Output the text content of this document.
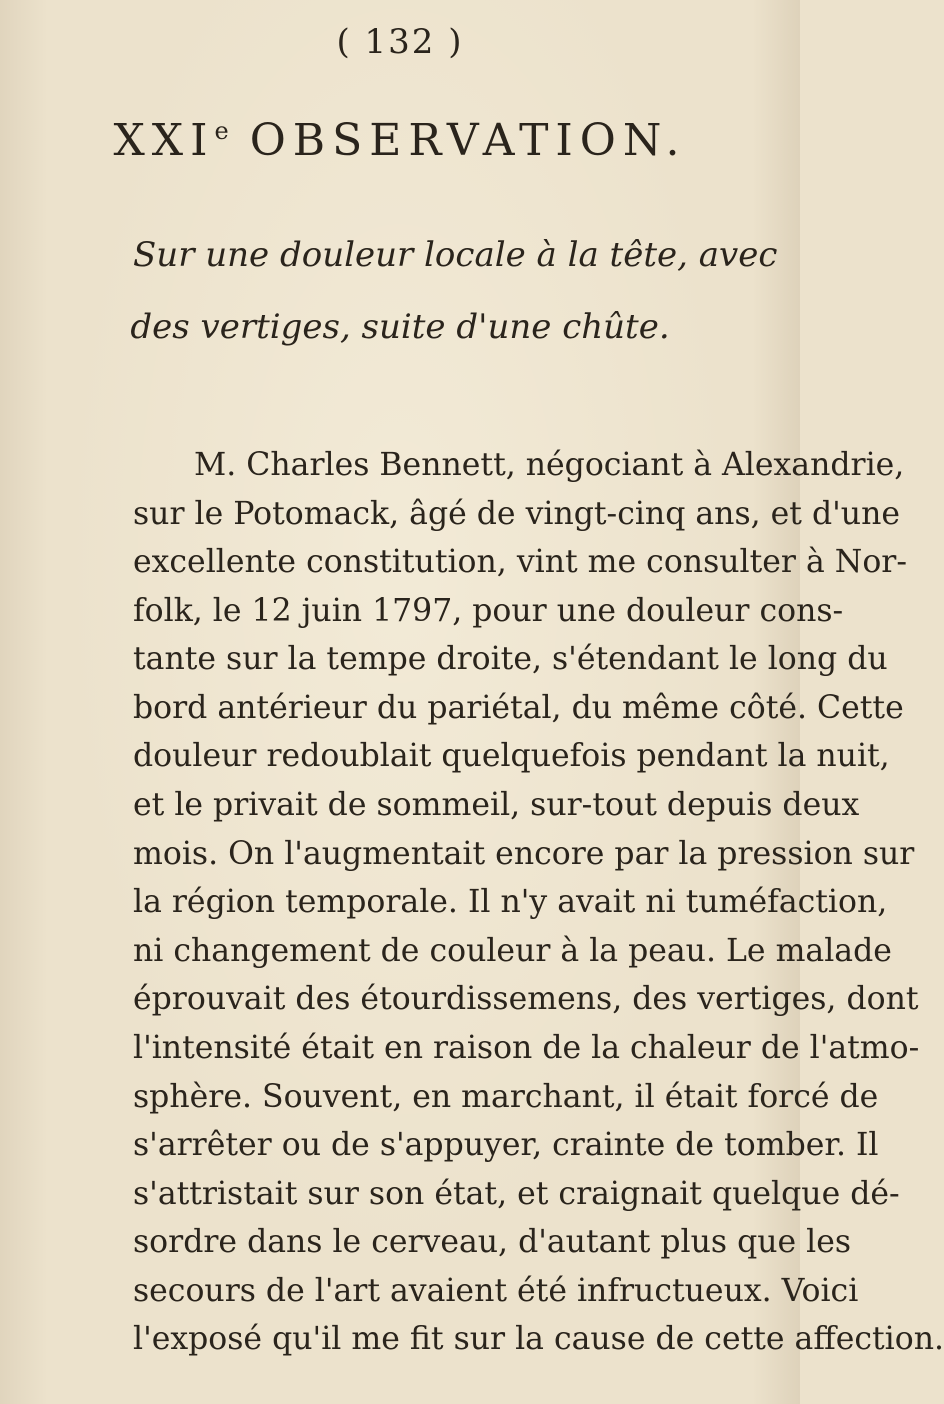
( 132 )
XXIe OBSERVATION.
Sur une douleur locale à la tête, avec
des vertiges, suite d'une chûte.
M. Charles Bennett, négociant à Alexandrie,
sur le Potomack, âgé de vingt-cinq ans, et d'une
excellente constitution, vint me consulter à Nor-
folk, le 12 juin 1797, pour une douleur cons-
tante sur la tempe droite, s'étendant le long du
bord antérieur du pariétal, du même côté. Cette
douleur redoublait quelquefois pendant la nuit,
et le privait de sommeil, sur-tout depuis deux
mois. On l'augmentait encore par la pression sur
la région temporale. Il n'y avait ni tuméfaction,
ni changement de couleur à la peau. Le malade
éprouvait des étourdissemens, des vertiges, dont
l'intensité était en raison de la chaleur de l'atmo-
sphère. Souvent, en marchant, il était forcé de
s'arrêter ou de s'appuyer, crainte de tomber. Il
s'attristait sur son état, et craignait quelque dé-
sordre dans le cerveau, d'autant plus que les
secours de l'art avaient été infructueux. Voici
l'exposé qu'il me fit sur la cause de cette affection.
